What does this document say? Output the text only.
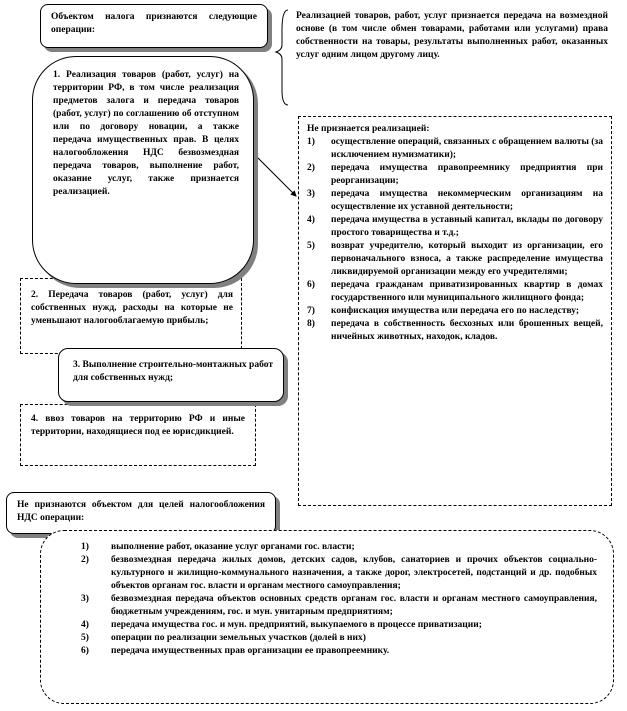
Объектом налога признаются следующие операции:
Реализацией товаров, работ, услуг признается передача на возмездной основе (в том числе обмен товарами, работами или услугами) права собственности на товары, результаты выполненных работ, оказанных услуг одним лицом другому лицу.
2. Передача товаров (работ, услуг) для собственных нужд, расходы на которые не уменьшают налогооблагаемую прибыль;
4. ввоз товаров на территорию РФ и иные территории, находящиеся под ее юрисдикцией.
3. Выполнение строительно-монтажных работ для собственных нужд;
1. Реализация товаров (работ, услуг) на территории РФ, в том числе реализация предметов залога и передача товаров (работ, услуг) по соглашению об отступном или по договору новации, а также передача имущественных прав. В целях налогообложения НДС безвозмездная передача товаров, выполнение работ, оказание услуг, также признается реализацией.
Не признается реализацией:
1)	осуществление операций, связанных с обращением валюты (за исключением нумизматики);
2)	передача имущества правопреемнику предприятия при реорганизации;
3)	передача имущества некоммерческим организациям на осуществление их уставной деятельности;
4)	передача имущества в уставный капитал, вклады по договору простого товарищества и т.д.;
5)	возврат учредителю, который выходит из организации, его первоначального взноса, а также распределение имущества ликвидируемой организации между его учредителями;
6)	передача гражданам приватизированных квартир в домах государственного или муниципального жилищного фонда;
7)	конфискация имущества или передача его по наследству;
8)	передача в собственность бесхозных или брошенных вещей, ничейных животных, находок, кладов.
Не признаются объектом для целей налогообложения НДС операции:
1)	выполнение работ, оказание услуг органами гос. власти;
2)	безвозмездная передача жилых домов, детских садов, клубов, санаториев и прочих объектов социально-культурного и жилищно-коммунального назначения, а также дорог, электросетей, подстанций и др. подобных объектов органам гос. власти и органам местного самоуправления;
3)	безвозмездная передача объектов основных средств органам гос. власти и органам местного самоуправления, бюджетным учреждениям, гос. и мун. унитарным предприятиям;
4)	передача имущества гос. и мун. предприятий, выкупаемого в процессе приватизации;
5)	операции по реализации земельных участков (долей в них)
6)	передача имущественных прав организации ее правопреемнику.
